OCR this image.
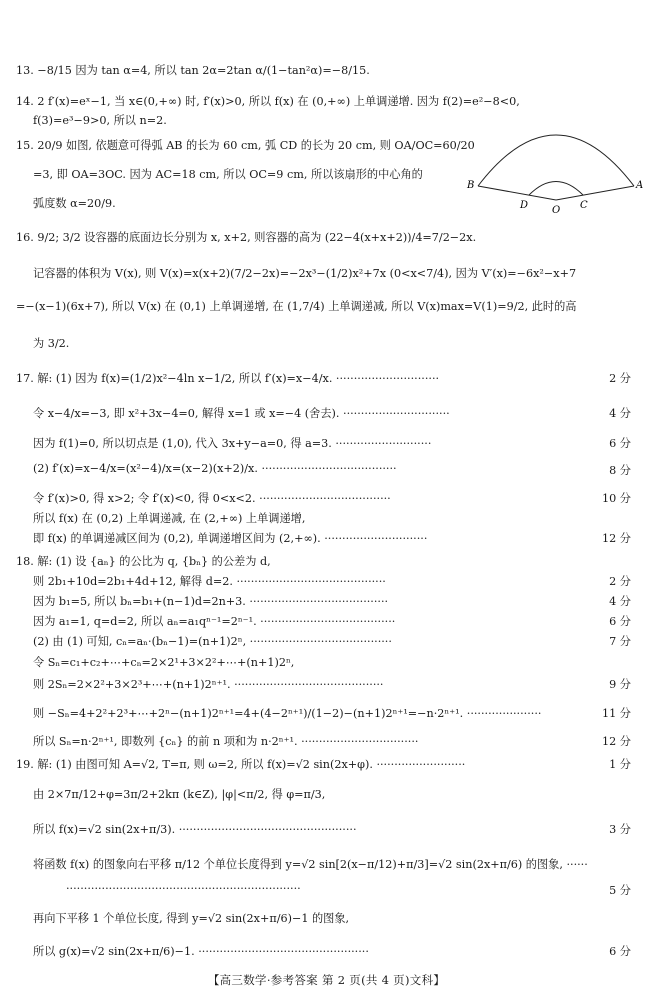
13. −8/15 因为 tan α=4, 所以 tan 2α=2tan α/(1−tan²α)=−8/15.
14. 2 f′(x)=eˣ−1, 当 x∈(0,+∞) 时, f′(x)>0, 所以 f(x) 在 (0,+∞) 上单调递增. 因为 f(2)=e²−8<0,
f(3)=e³−9>0, 所以 n=2.
15. 20/9 如图, 依题意可得弧 AB 的长为 60 cm, 弧 CD 的长为 20 cm, 则 OA/OC=60/20
=3, 即 OA=3OC. 因为 AC=18 cm, 所以 OC=9 cm, 所以该扇形的中心角的
弧度数 α=20/9.
16. 9/2; 3/2 设容器的底面边长分别为 x, x+2, 则容器的高为 (22−4(x+x+2))/4=7/2−2x.
记容器的体积为 V(x), 则 V(x)=x(x+2)(7/2−2x)=−2x³−(1/2)x²+7x (0<x<7/4), 因为 V′(x)=−6x²−x+7
=−(x−1)(6x+7), 所以 V(x) 在 (0,1) 上单调递增, 在 (1,7/4) 上单调递减, 所以 V(x)max=V(1)=9/2, 此时的高
为 3/2.
17. 解: (1) 因为 f(x)=(1/2)x²−4ln x−1/2, 所以 f′(x)=x−4/x. ·····························
令 x−4/x=−3, 即 x²+3x−4=0, 解得 x=1 或 x=−4 (舍去). ······························
因为 f(1)=0, 所以切点是 (1,0), 代入 3x+y−a=0, 得 a=3. ···························
(2) f′(x)=x−4/x=(x²−4)/x=(x−2)(x+2)/x. ······································
令 f′(x)>0, 得 x>2; 令 f′(x)<0, 得 0<x<2. ·····································
所以 f(x) 在 (0,2) 上单调递减, 在 (2,+∞) 上单调递增,
即 f(x) 的单调递减区间为 (0,2), 单调递增区间为 (2,+∞). ·····························
18. 解: (1) 设 {aₙ} 的公比为 q, {bₙ} 的公差为 d,
则 2b₁+10d=2b₁+4d+12, 解得 d=2. ··········································
因为 b₁=5, 所以 bₙ=b₁+(n−1)d=2n+3. ·······································
因为 a₁=1, q=d=2, 所以 aₙ=a₁qⁿ⁻¹=2ⁿ⁻¹. ······································
(2) 由 (1) 可知, cₙ=aₙ·(bₙ−1)=(n+1)2ⁿ, ········································
令 Sₙ=c₁+c₂+⋯+cₙ=2×2¹+3×2²+⋯+(n+1)2ⁿ,
则 2Sₙ=2×2²+3×2³+⋯+(n+1)2ⁿ⁺¹. ··········································
则 −Sₙ=4+2²+2³+⋯+2ⁿ−(n+1)2ⁿ⁺¹=4+(4−2ⁿ⁺¹)/(1−2)−(n+1)2ⁿ⁺¹=−n·2ⁿ⁺¹. ·····················
所以 Sₙ=n·2ⁿ⁺¹, 即数列 {cₙ} 的前 n 项和为 n·2ⁿ⁺¹. ·································
19. 解: (1) 由图可知 A=√2, T=π, 则 ω=2, 所以 f(x)=√2 sin(2x+φ). ·························
由 2×7π/12+φ=3π/2+2kπ (k∈Z), |φ|<π/2, 得 φ=π/3,
所以 f(x)=√2 sin(2x+π/3). ··················································
将函数 f(x) 的图象向右平移 π/12 个单位长度得到 y=√2 sin[2(x−π/12)+π/3]=√2 sin(2x+π/6) 的图象, ······
··································································
再向下平移 1 个单位长度, 得到 y=√2 sin(2x+π/6)−1 的图象,
所以 g(x)=√2 sin(2x+π/6)−1. ················································
2 分
4 分
6 分
8 分
10 分
12 分
2 分
4 分
6 分
7 分
9 分
11 分
12 分
1 分
3 分
5 分
6 分
B
D O C
A
【高三数学·参考答案 第 2 页(共 4 页)文科】
